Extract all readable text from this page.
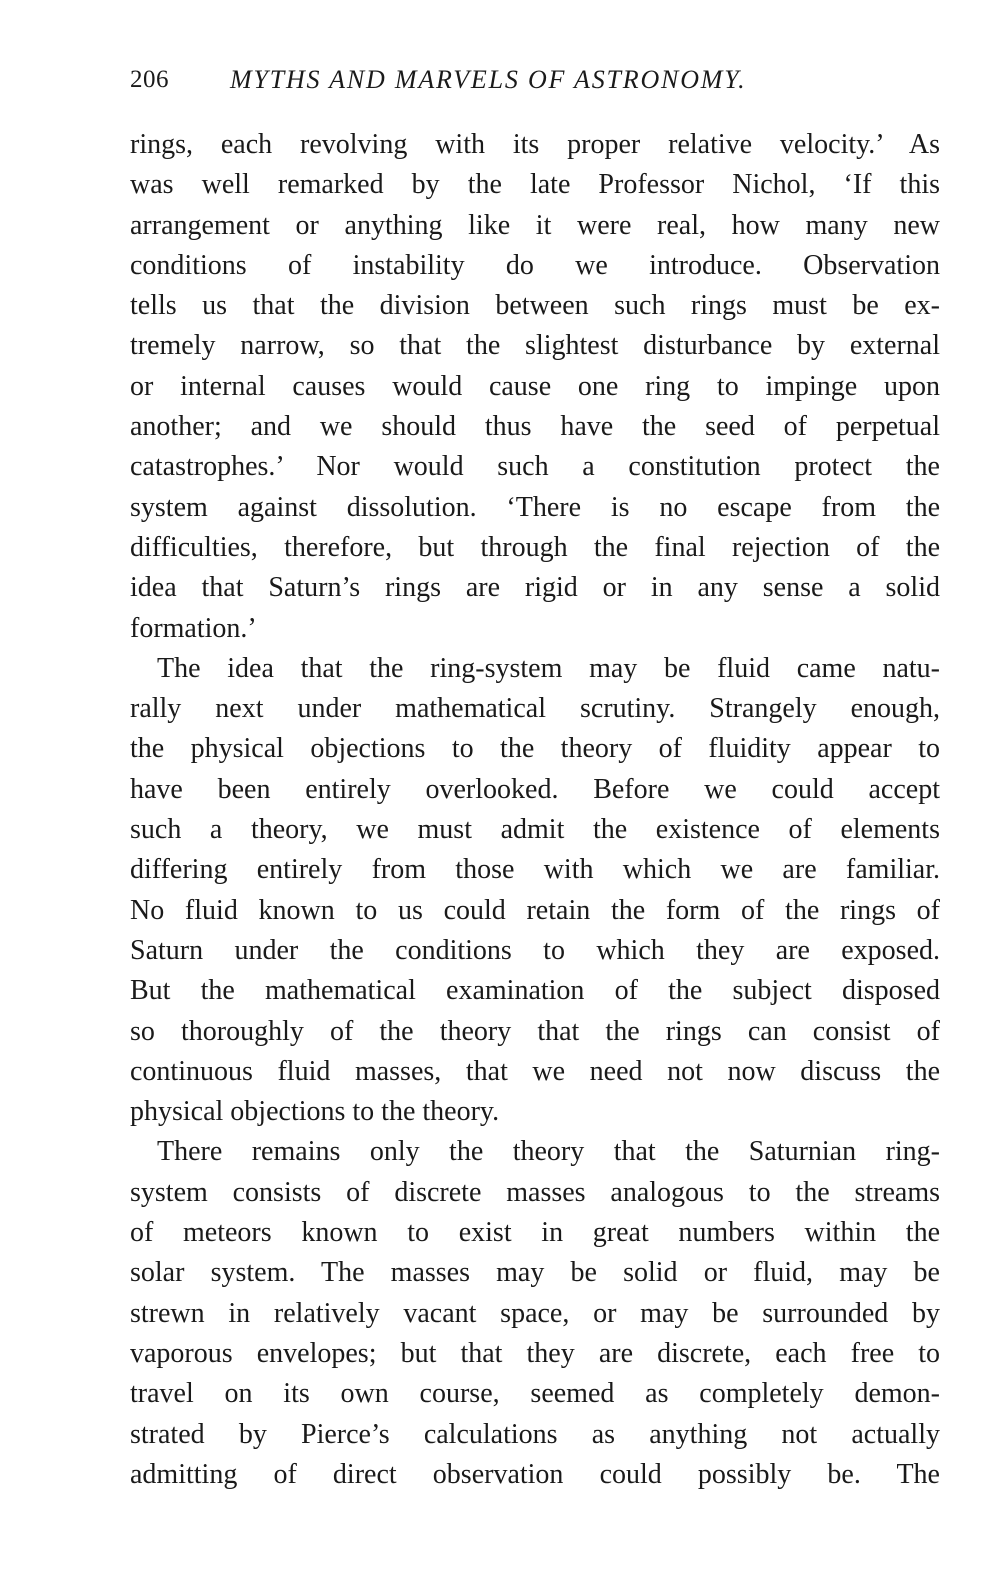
206 MYTHS AND MARVELS OF ASTRONOMY.
rings, each revolving with its proper relative velocity.’ As
was well remarked by the late Professor Nichol, ‘If this
arrangement or anything like it were real, how many new
conditions of instability do we introduce. Observation
tells us that the division between such rings must be ex-
tremely narrow, so that the slightest disturbance by external
or internal causes would cause one ring to impinge upon
another; and we should thus have the seed of perpetual
catastrophes.’ Nor would such a constitution protect the
system against dissolution. ‘There is no escape from the
difficulties, therefore, but through the final rejection of the
idea that Saturn’s rings are rigid or in any sense a solid
formation.’
The idea that the ring-system may be fluid came natu-
rally next under mathematical scrutiny. Strangely enough,
the physical objections to the theory of fluidity appear to
have been entirely overlooked. Before we could accept
such a theory, we must admit the existence of elements
differing entirely from those with which we are familiar.
No fluid known to us could retain the form of the rings of
Saturn under the conditions to which they are exposed.
But the mathematical examination of the subject disposed
so thoroughly of the theory that the rings can consist of
continuous fluid masses, that we need not now discuss the
physical objections to the theory.
There remains only the theory that the Saturnian ring-
system consists of discrete masses analogous to the streams
of meteors known to exist in great numbers within the
solar system. The masses may be solid or fluid, may be
strewn in relatively vacant space, or may be surrounded by
vaporous envelopes; but that they are discrete, each free to
travel on its own course, seemed as completely demon-
strated by Pierce’s calculations as anything not actually
admitting of direct observation could possibly be. The
